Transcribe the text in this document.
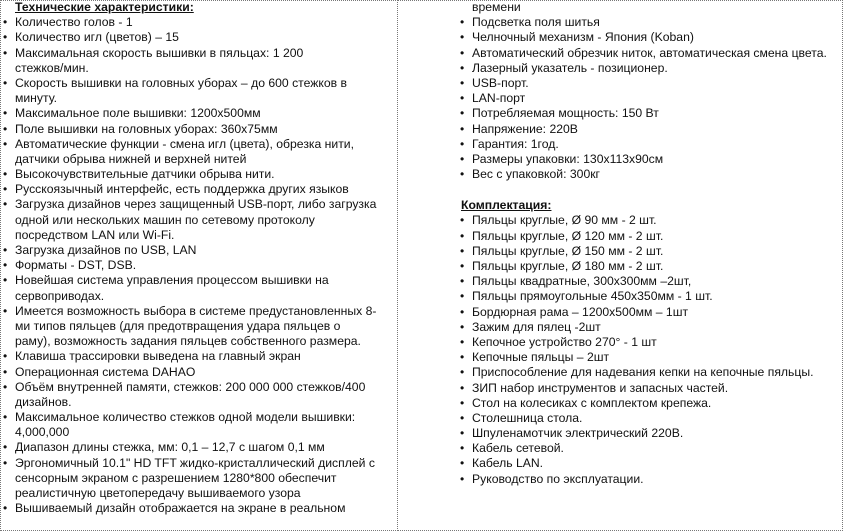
Технические характеристики:
• Количество голов - 1
• Количество игл (цветов) – 15
• Максимальная скорость вышивки в пяльцах: 1 200
стежков/мин.
• Скорость вышивки на головных уборах – до 600 стежков в
минуту.
• Максимальное поле вышивки: 1200x500мм
• Поле вышивки на головных уборах: 360x75мм
• Автоматические функции - смена игл (цвета), обрезка нити,
датчики обрыва нижней и верхней нитей
• Высокочувствительные датчики обрыва нити.
• Русскоязычный интерфейс, есть поддержка других языков
• Загрузка дизайнов через защищенный USB-порт, либо загрузка
одной или нескольких машин по сетевому протоколу
посредством LAN или Wi-Fi.
• Загрузка дизайнов по USB, LAN
• Форматы - DST, DSB.
• Новейшая система управления процессом вышивки на
сервоприводах.
• Имеется возможность выбора в системе предустановленных 8-
ми типов пяльцев (для предотвращения удара пяльцев о
раму), возможность задания пяльцев собственного размера.
• Клавиша трассировки выведена на главный экран
• Операционная система DAHAO
• Объём внутренней памяти, стежков: 200 000 000 стежков/400
дизайнов.
• Максимальное количество стежков одной модели вышивки:
4,000,000
• Диапазон длины стежка, мм: 0,1 – 12,7 с шагом 0,1 мм
• Эргономичный 10.1" HD TFT жидко-кристаллический дисплей с
сенсорным экраном с разрешением 1280*800 обеспечит
реалистичную цветопередачу вышиваемого узора
• Вышиваемый дизайн отображается на экране в реальном
времени
• Подсветка поля шитья
• Челночный механизм - Япония (Koban)
• Автоматический обрезчик ниток, автоматическая смена цвета.
• Лазерный указатель - позиционер.
• USB-порт.
• LAN-порт
• Потребляемая мощность: 150 Вт
• Напряжение: 220В
• Гарантия: 1год.
• Размеры упаковки: 130x113x90см
• Вес с упаковкой: 300кг
Комплектация:
• Пяльцы круглые, Ø 90 мм - 2 шт.
• Пяльцы круглые, Ø 120 мм - 2 шт.
• Пяльцы круглые, Ø 150 мм - 2 шт.
• Пяльцы круглые, Ø 180 мм - 2 шт.
• Пяльцы квадратные, 300x300мм –2шт,
• Пяльцы прямоугольные 450x350мм - 1 шт.
• Бордюрная рама – 1200x500мм – 1шт
• Зажим для пялец -2шт
• Кепочное устройство 270° - 1 шт
• Кепочные пяльцы – 2шт
• Приспособление для надевания кепки на кепочные пяльцы.
• ЗИП набор инструментов и запасных частей.
• Стол на колесиках с комплектом крепежа.
• Столешница стола.
• Шпуленамотчик электрический 220В.
• Кабель сетевой.
• Кабель LAN.
• Руководство по эксплуатации.
